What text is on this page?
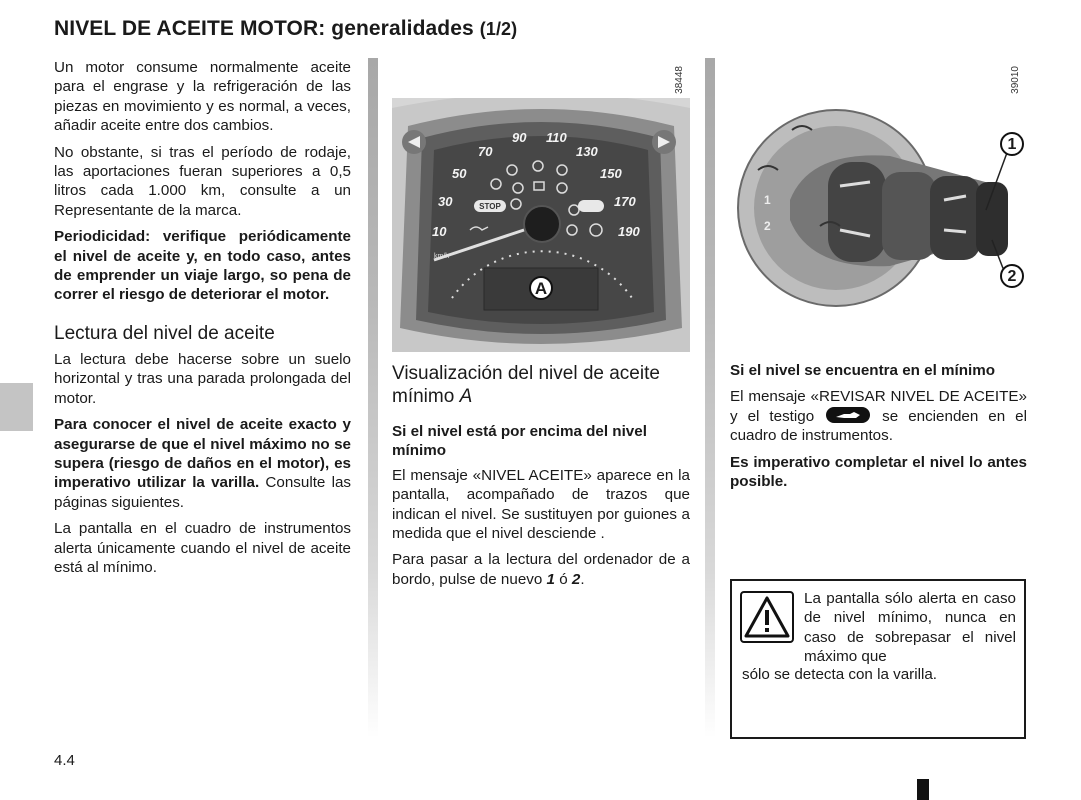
NIVEL DE ACEITE MOTOR: generalidades (1/2)

Un motor consume normalmente aceite para el engrase y la refrigeración de las piezas en movimiento y es normal, a veces, añadir aceite entre dos cambios.

No obstante, si tras el período de rodaje, las aportaciones fueran superiores a 0,5 litros cada 1.000 km, consulte a un Representante de la marca.

Periodicidad: verifique periódicamente el nivel de aceite y, en todo caso, antes de emprender un viaje largo, so pena de correr el riesgo de deteriorar el motor.

Lectura del nivel de aceite

La lectura debe hacerse sobre un suelo horizontal y tras una parada prolongada del motor.

Para conocer el nivel de aceite exacto y asegurarse de que el nivel máximo no se supera (riesgo de daños en el motor), es imperativo utilizar la varilla. Consulte las páginas siguientes.

La pantalla en el cuadro de instrumentos alerta únicamente cuando el nivel de aceite está al mínimo.

38448
10
30
50
70
90 110
130
150
170
190
STOP
km/h
A
39010
1
2
1
2
Visualización del nivel de aceite mínimo A
Si el nivel está por encima del nivel mínimo

El mensaje «NIVEL ACEITE» aparece en la pantalla, acompañado de trazos que indican el nivel. Se sustituyen por guiones a medida que el nivel desciende .

Para pasar a la lectura del ordenador de a bordo, pulse de nuevo 1 ó 2.

Si el nivel se encuentra en el mínimo

El mensaje «REVISAR NIVEL DE ACEITE» y el testigo	se encienden en el cuadro de instrumentos.

Es imperativo completar el nivel lo antes posible.

La pantalla sólo alerta en caso de nivel mínimo, nunca en caso de sobrepasar el nivel máximo que
sólo se detecta con la varilla.
4.4
